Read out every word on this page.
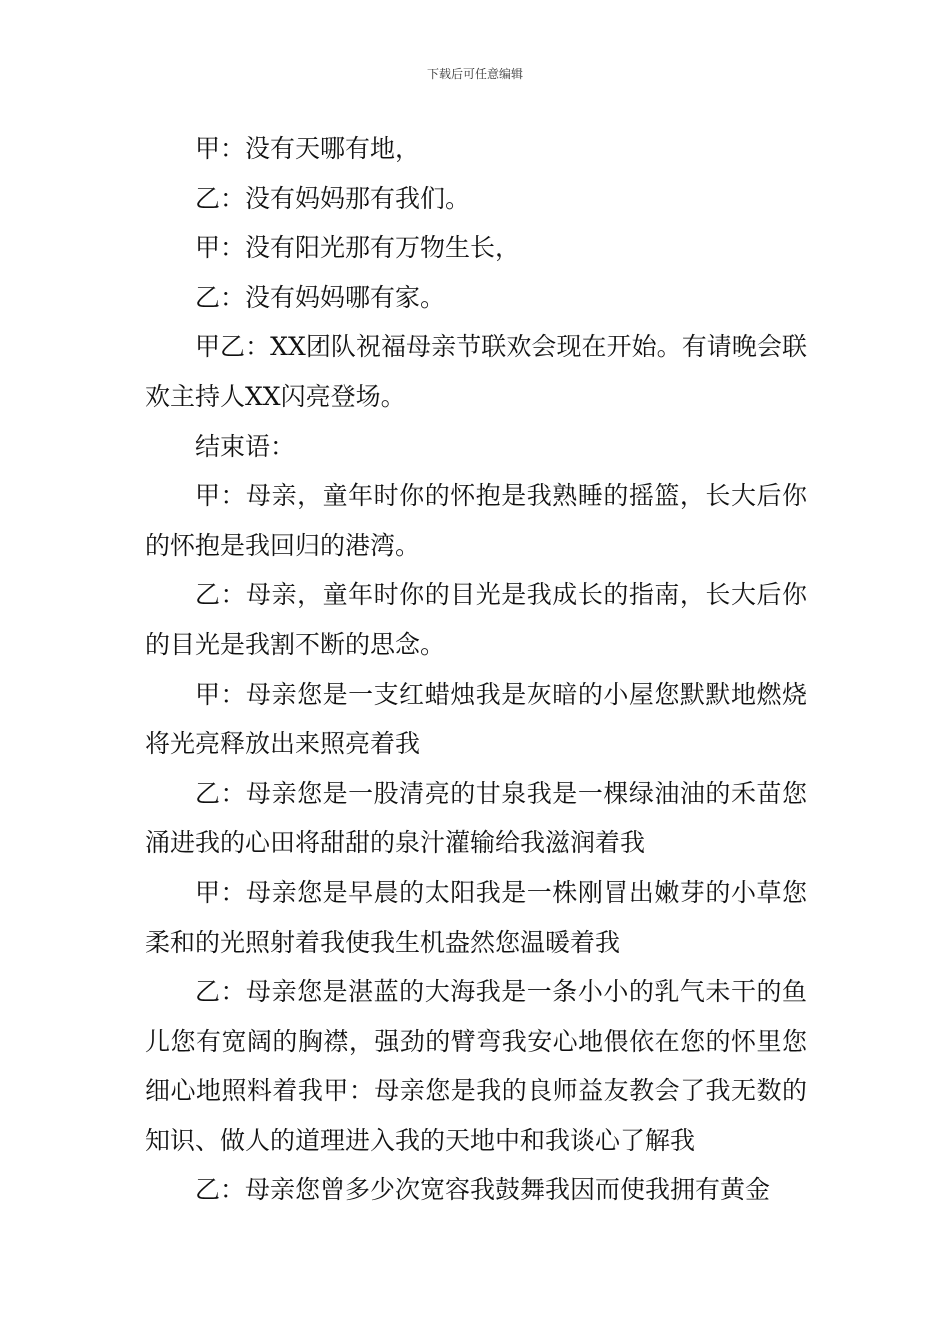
下载后可任意编辑

甲：没有天哪有地，

乙：没有妈妈那有我们。

甲：没有阳光那有万物生长，

乙：没有妈妈哪有家。

甲乙：XX团队祝福母亲节联欢会现在开始。有请晚会联欢主持人XX闪亮登场。

结束语：

甲：母亲，童年时你的怀抱是我熟睡的摇篮，长大后你的怀抱是我回归的港湾。

乙：母亲，童年时你的目光是我成长的指南，长大后你的目光是我割不断的思念。

甲：母亲您是一支红蜡烛我是灰暗的小屋您默默地燃烧将光亮释放出来照亮着我

乙：母亲您是一股清亮的甘泉我是一棵绿油油的禾苗您涌进我的心田将甜甜的泉汁灌输给我滋润着我

甲：母亲您是早晨的太阳我是一株刚冒出嫩芽的小草您柔和的光照射着我使我生机盎然您温暖着我

乙：母亲您是湛蓝的大海我是一条小小的乳气未干的鱼儿您有宽阔的胸襟，强劲的臂弯我安心地偎依在您的怀里您细心地照料着我甲：母亲您是我的良师益友教会了我无数的知识、做人的道理进入我的天地中和我谈心了解我

乙：母亲您曾多少次宽容我鼓舞我因而使我拥有黄金
